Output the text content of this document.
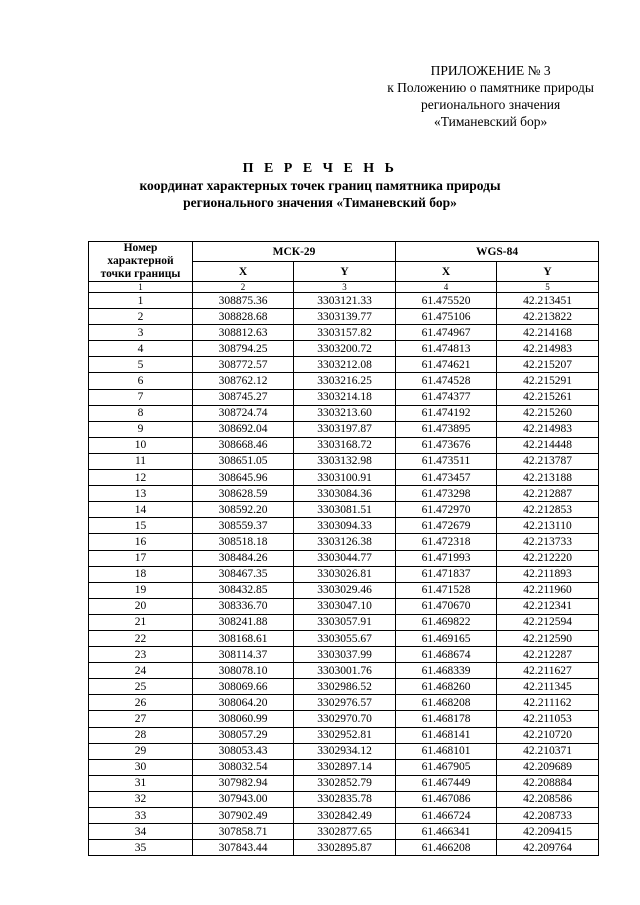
ПРИЛОЖЕНИЕ № 3
к Положению о памятнике природы
регионального значения
«Тиманевский бор»
П Е Р Е Ч Е Н Ь
координат характерных точек границ памятника природы
регионального значения «Тиманевский бор»
Номер
характерной
точки границы	МСК-29		WGS-84	
	X	Y	X	Y
1	2	3	4	5
1	308875.36	3303121.33	61.475520	42.213451
2	308828.68	3303139.77	61.475106	42.213822
3	308812.63	3303157.82	61.474967	42.214168
4	308794.25	3303200.72	61.474813	42.214983
5	308772.57	3303212.08	61.474621	42.215207
6	308762.12	3303216.25	61.474528	42.215291
7	308745.27	3303214.18	61.474377	42.215261
8	308724.74	3303213.60	61.474192	42.215260
9	308692.04	3303197.87	61.473895	42.214983
10	308668.46	3303168.72	61.473676	42.214448
11	308651.05	3303132.98	61.473511	42.213787
12	308645.96	3303100.91	61.473457	42.213188
13	308628.59	3303084.36	61.473298	42.212887
14	308592.20	3303081.51	61.472970	42.212853
15	308559.37	3303094.33	61.472679	42.213110
16	308518.18	3303126.38	61.472318	42.213733
17	308484.26	3303044.77	61.471993	42.212220
18	308467.35	3303026.81	61.471837	42.211893
19	308432.85	3303029.46	61.471528	42.211960
20	308336.70	3303047.10	61.470670	42.212341
21	308241.88	3303057.91	61.469822	42.212594
22	308168.61	3303055.67	61.469165	42.212590
23	308114.37	3303037.99	61.468674	42.212287
24	308078.10	3303001.76	61.468339	42.211627
25	308069.66	3302986.52	61.468260	42.211345
26	308064.20	3302976.57	61.468208	42.211162
27	308060.99	3302970.70	61.468178	42.211053
28	308057.29	3302952.81	61.468141	42.210720
29	308053.43	3302934.12	61.468101	42.210371
30	308032.54	3302897.14	61.467905	42.209689
31	307982.94	3302852.79	61.467449	42.208884
32	307943.00	3302835.78	61.467086	42.208586
33	307902.49	3302842.49	61.466724	42.208733
34	307858.71	3302877.65	61.466341	42.209415
35	307843.44	3302895.87	61.466208	42.209764
